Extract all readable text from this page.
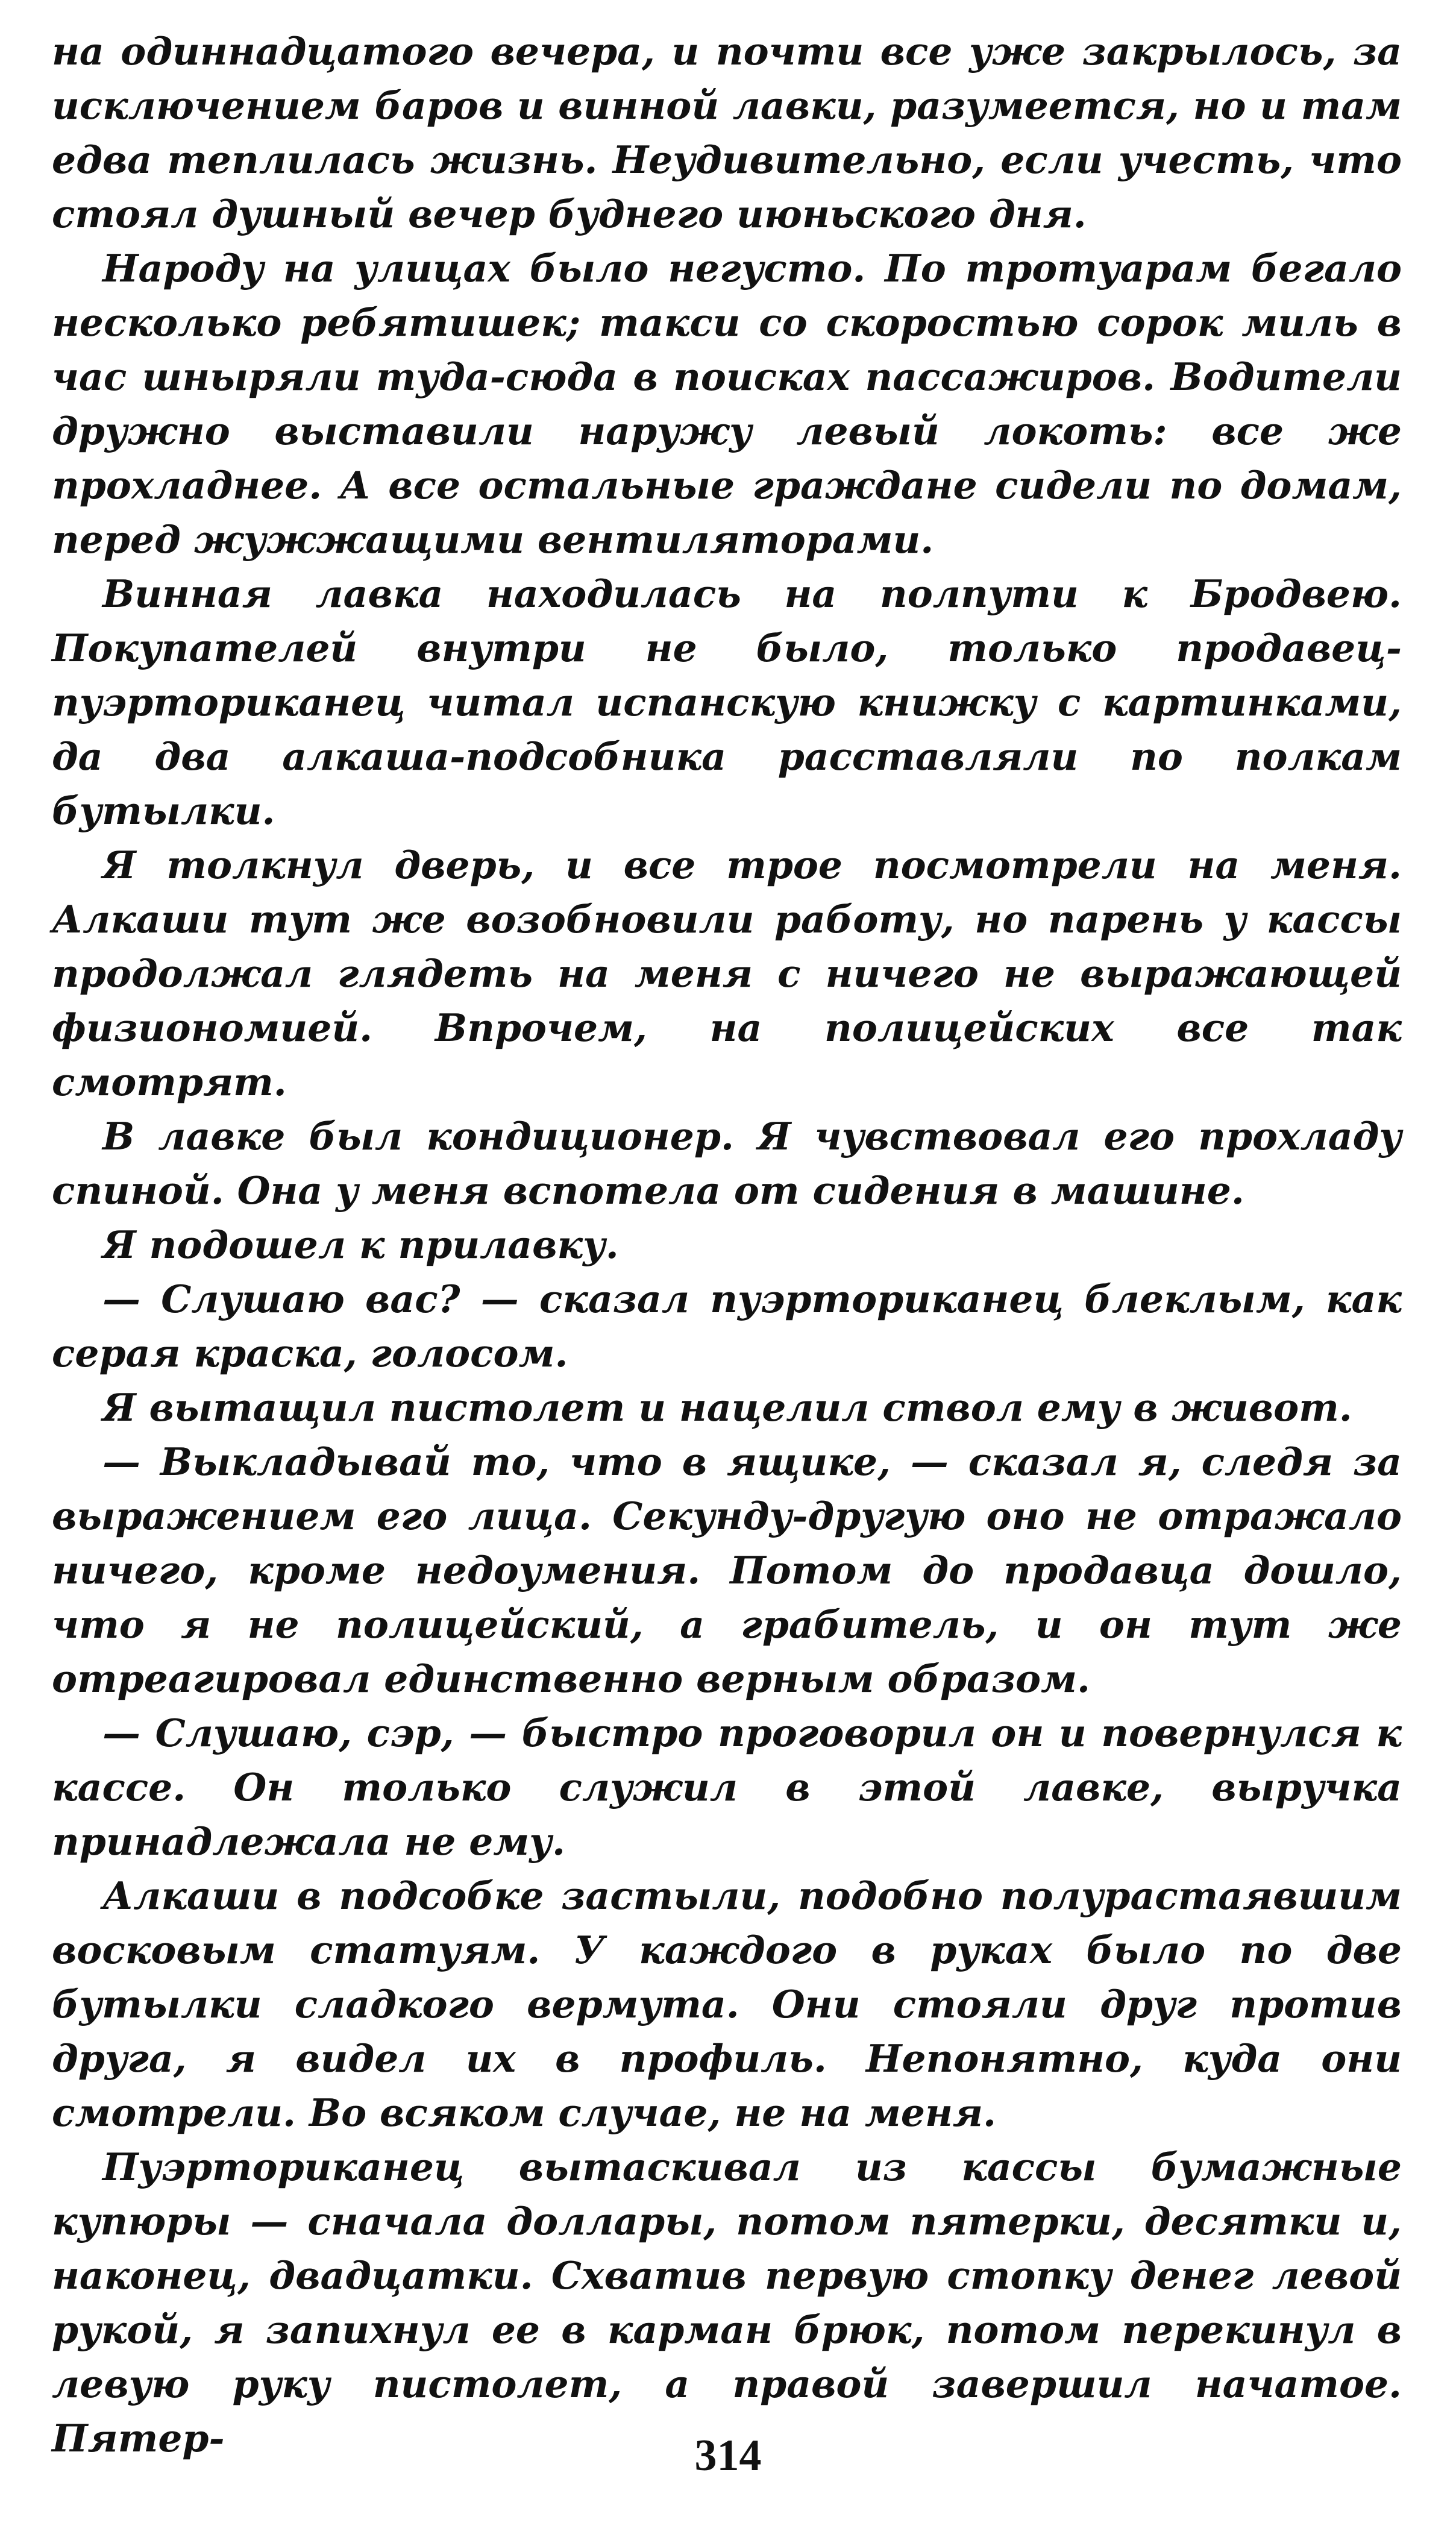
на одиннадцатого вечера, и почти все уже закрылось, за исключением баров и винной лавки, разумеется, но и там едва теплилась жизнь. Неудивительно, если учесть, что стоял душный вечер буднего июньского дня.

Народу на улицах было негусто. По тротуарам бегало несколько ребятишек; такси со скоростью сорок миль в час шныряли туда-сюда в поисках пассажиров. Водители дружно выставили наружу левый локоть: все же прохладнее. А все остальные граждане сидели по домам, перед жужжащими вентиляторами.

Винная лавка находилась на полпути к Бродвею. Покупателей внутри не было, только продавец-пуэрториканец читал испанскую книжку с картинками, да два алкаша-подсобника расставляли по полкам бутылки.

Я толкнул дверь, и все трое посмотрели на меня. Алкаши тут же возобновили работу, но парень у кассы продолжал глядеть на меня с ничего не выражающей физиономией. Впрочем, на полицейских все так смотрят.

В лавке был кондиционер. Я чувствовал его прохладу спиной. Она у меня вспотела от сидения в машине.

Я подошел к прилавку.

— Слушаю вас? — сказал пуэрториканец блеклым, как серая краска, голосом.

Я вытащил пистолет и нацелил ствол ему в живот.

— Выкладывай то, что в ящике, — сказал я, следя за выражением его лица. Секунду-другую оно не отражало ничего, кроме недоумения. Потом до продавца дошло, что я не полицейский, а грабитель, и он тут же отреагировал единственно верным образом.

— Слушаю, сэр, — быстро проговорил он и повернулся к кассе. Он только служил в этой лавке, выручка принадлежала не ему.

Алкаши в подсобке застыли, подобно полурастаявшим восковым статуям. У каждого в руках было по две бутылки сладкого вермута. Они стояли друг против друга, я видел их в профиль. Непонятно, куда они смотрели. Во всяком случае, не на меня.

Пуэрториканец вытаскивал из кассы бумажные купюры — сначала доллары, потом пятерки, десятки и, наконец, двадцатки. Схватив первую стопку денег левой рукой, я запихнул ее в карман брюк, потом перекинул в левую руку пистолет, а правой завершил начатое. Пятер-	314
